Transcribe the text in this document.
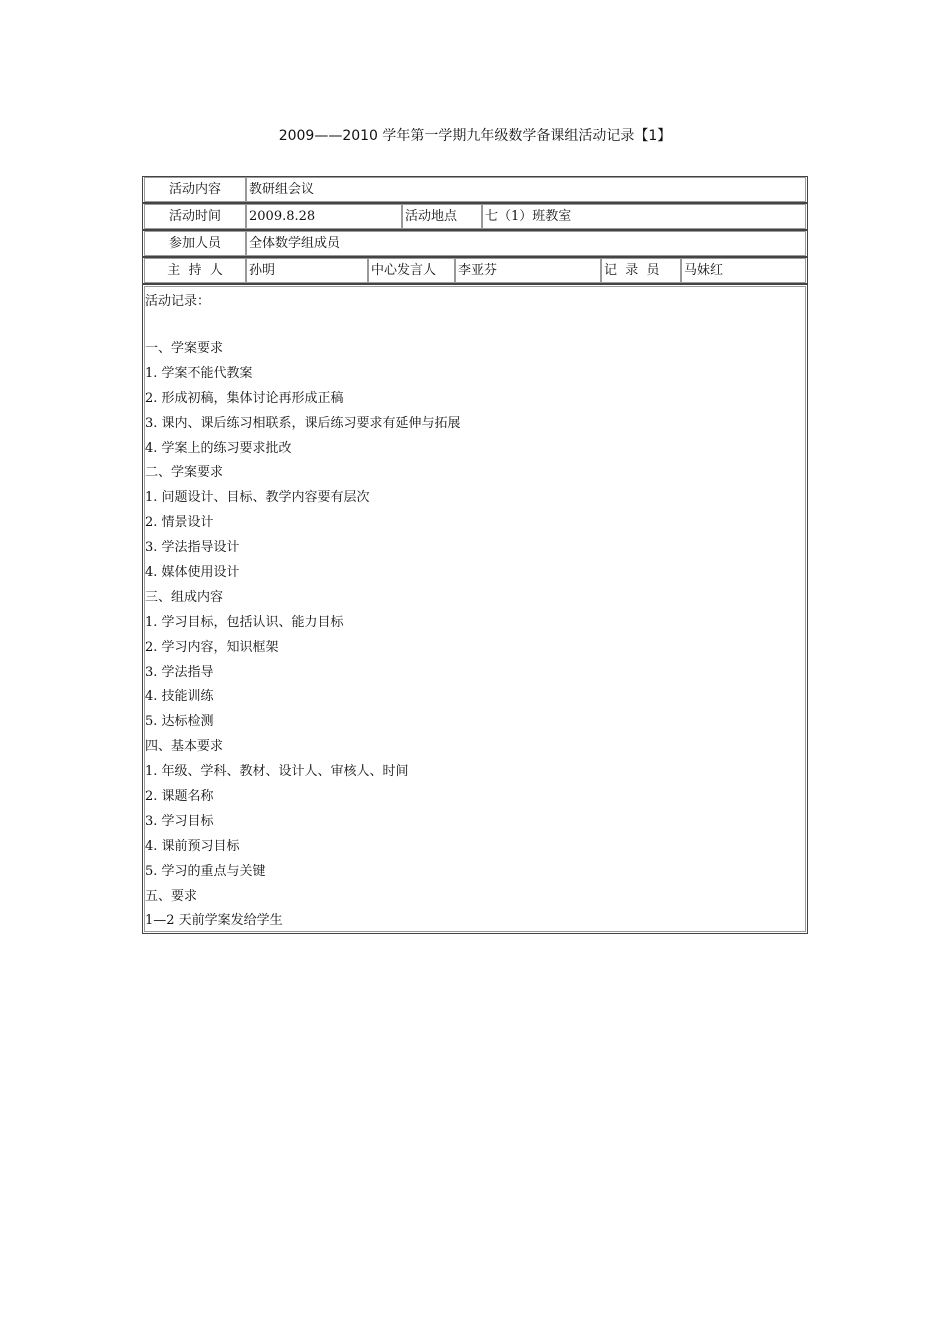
2009——2010 学年第一学期九年级数学备课组活动记录【1】
活动内容	教研组会议
活动时间	2009.8.28	活动地点	七（1）班教室
参加人员	全体数学组成员
主  持  人	孙明	中心发言人	李亚芬	记  录  员	马妹红
活动记录：
一、学案要求
1. 学案不能代教案
2. 形成初稿，集体讨论再形成正稿
3. 课内、课后练习相联系，课后练习要求有延伸与拓展
4. 学案上的练习要求批改
二、学案要求
1. 问题设计、目标、教学内容要有层次
2. 情景设计
3. 学法指导设计
4. 媒体使用设计
三、组成内容
1. 学习目标，包括认识、能力目标
2. 学习内容，知识框架
3. 学法指导
4. 技能训练
5. 达标检测
四、基本要求
1. 年级、学科、教材、设计人、审核人、时间
2. 课题名称
3. 学习目标
4. 课前预习目标
5. 学习的重点与关键
五、要求
1—2 天前学案发给学生
